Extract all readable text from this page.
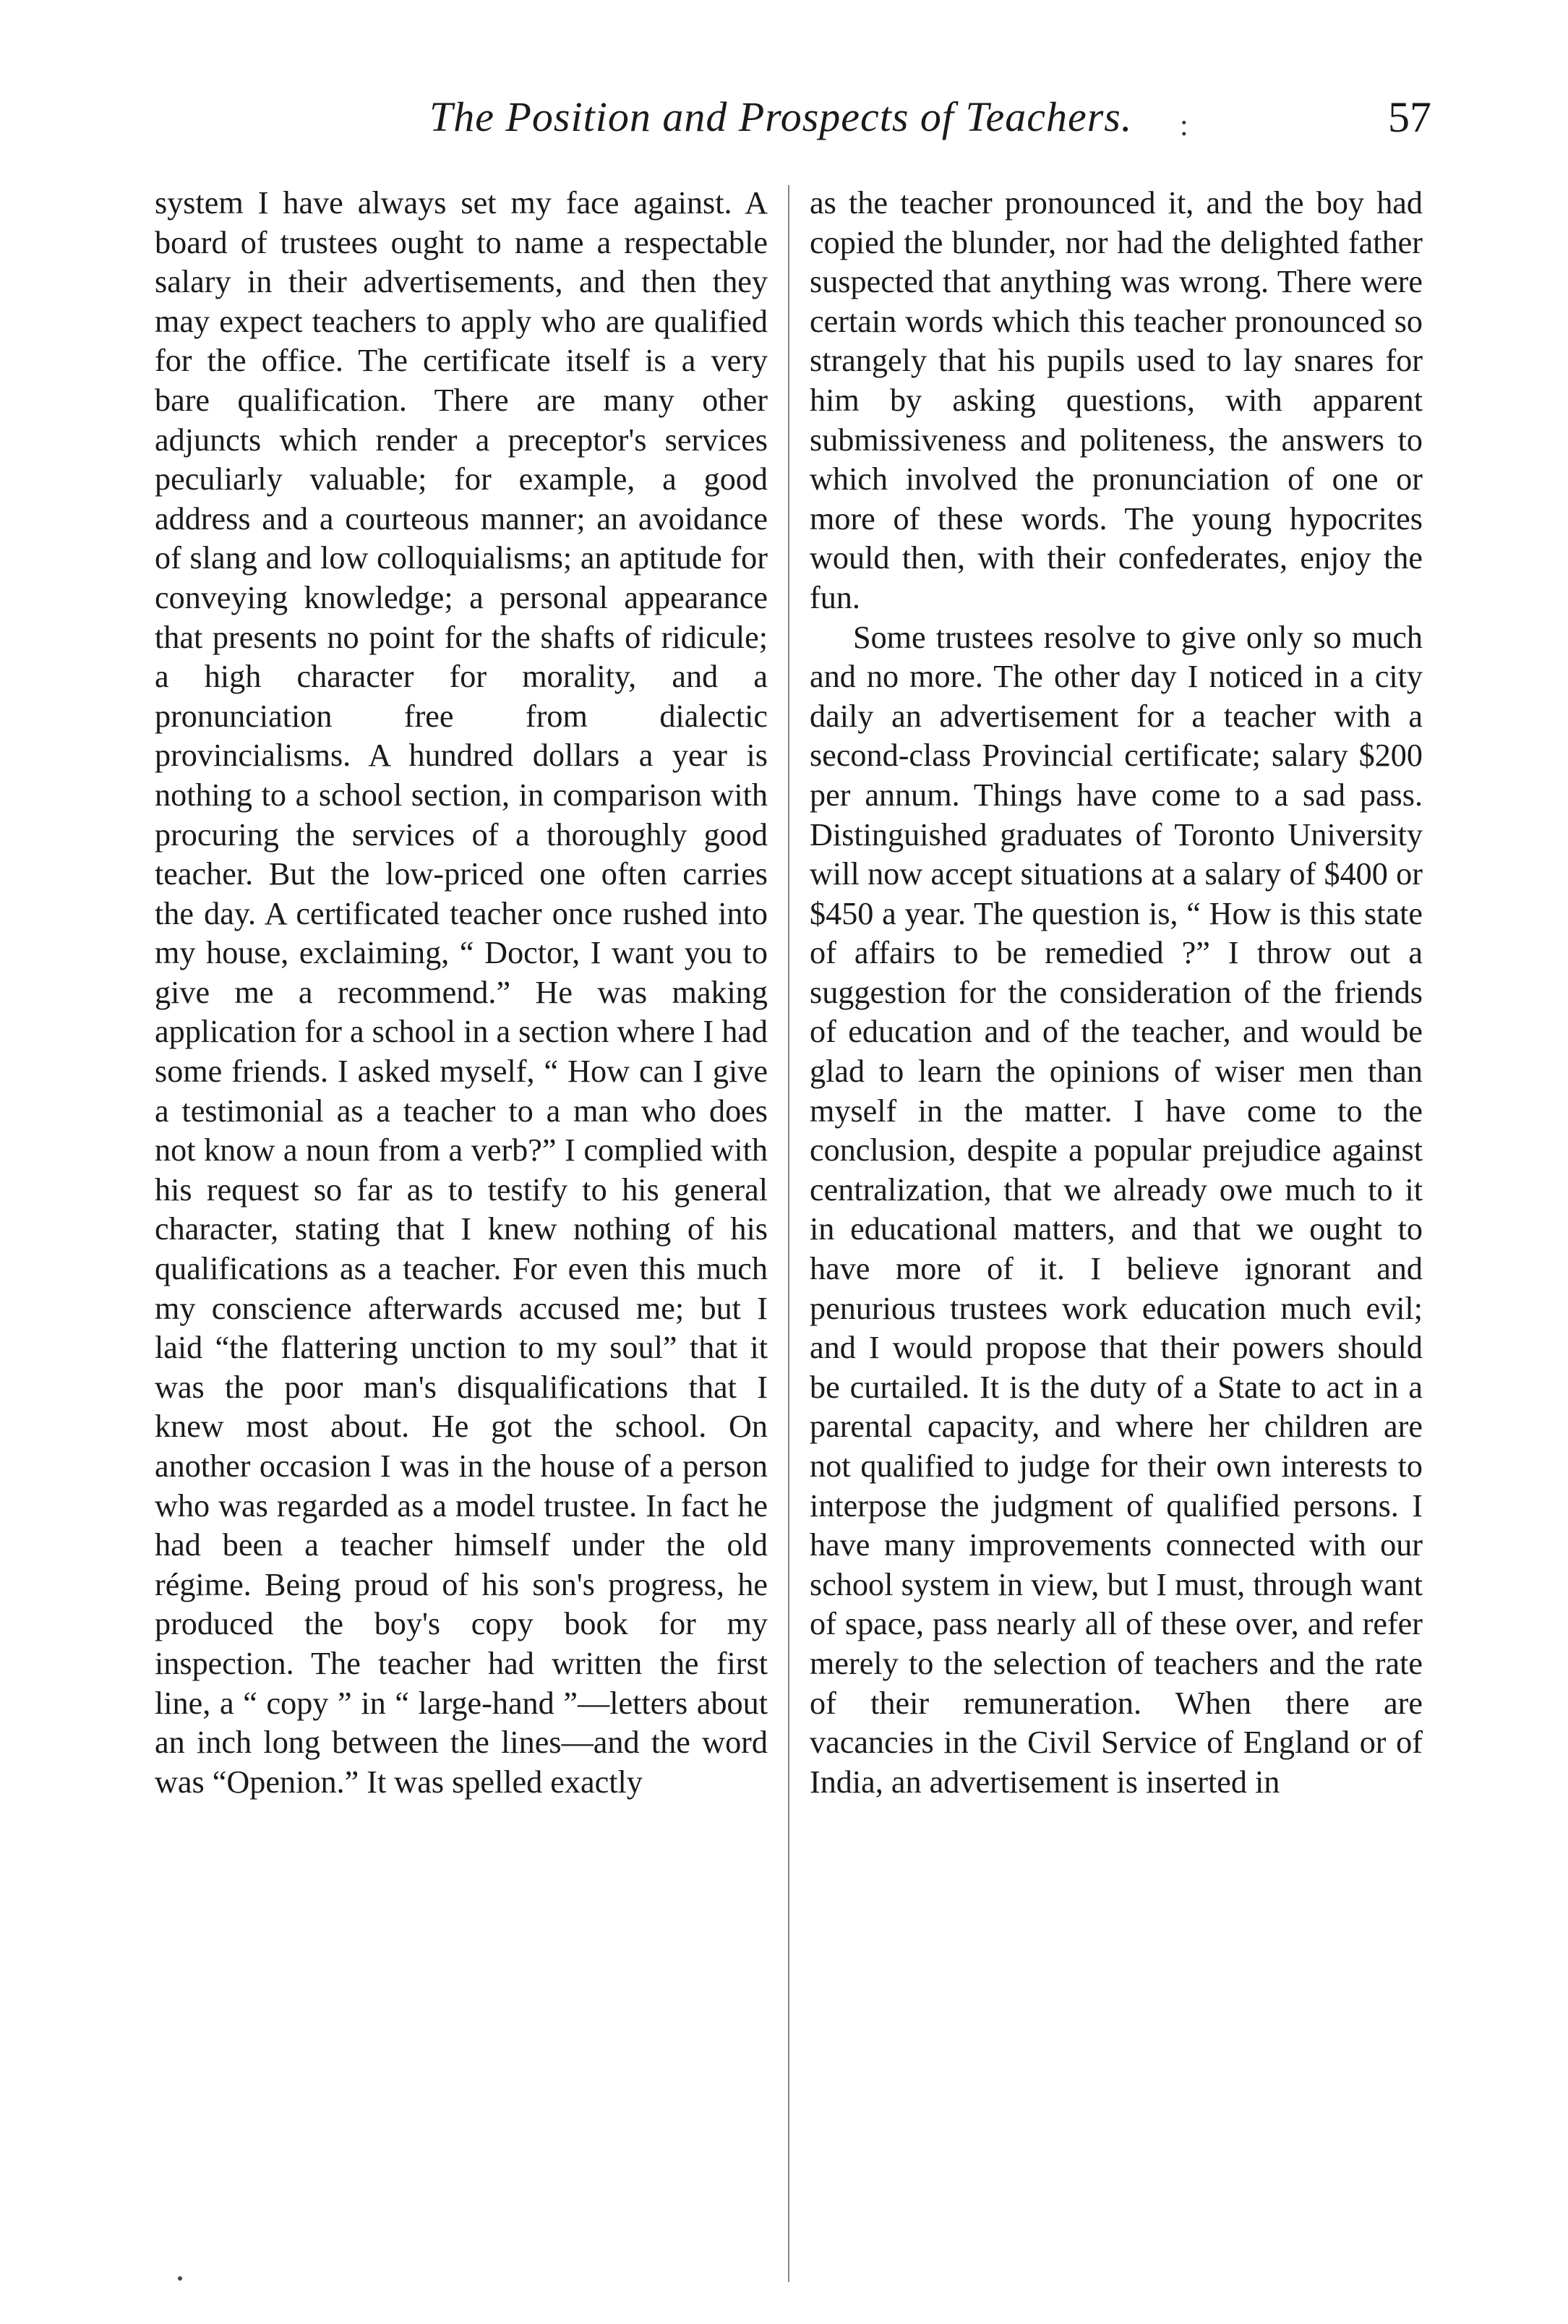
The Position and Prospects of Teachers.	57
:

system I have always set my face against. A board of trustees ought to name a respectable salary in their advertisements, and then they may expect teachers to apply who are qualified for the office. The certificate itself is a very bare qualification. There are many other adjuncts which render a preceptor's services peculiarly valuable; for example, a good address and a courteous manner; an avoidance of slang and low colloquialisms; an aptitude for conveying knowledge; a personal appearance that presents no point for the shafts of ridicule; a high character for morality, and a pronunciation free from dialectic provincialisms. A hundred dollars a year is nothing to a school section, in comparison with procuring the services of a thoroughly good teacher. But the low-priced one often carries the day. A certificated teacher once rushed into my house, exclaiming, “ Doctor, I want you to give me a recommend.” He was making application for a school in a section where I had some friends. I asked myself, “ How can I give a testimonial as a teacher to a man who does not know a noun from a verb?” I complied with his request so far as to testify to his general character, stating that I knew nothing of his qualifications as a teacher. For even this much my conscience afterwards accused me; but I laid “the flattering unction to my soul” that it was the poor man's disqualifications that I knew most about. He got the school. On another occasion I was in the house of a person who was regarded as a model trustee. In fact he had been a teacher himself under the old régime. Being proud of his son's progress, he produced the boy's copy book for my inspection. The teacher had written the first line, a “ copy ” in “ large-hand ”—letters about an inch long between the lines—and the word was “Openion.” It was spelled exactly

as the teacher pronounced it, and the boy had copied the blunder, nor had the delighted father suspected that anything was wrong. There were certain words which this teacher pronounced so strangely that his pupils used to lay snares for him by asking questions, with apparent submissiveness and politeness, the answers to which involved the pronunciation of one or more of these words. The young hypocrites would then, with their confederates, enjoy the fun.

Some trustees resolve to give only so much and no more. The other day I noticed in a city daily an advertisement for a teacher with a second-class Provincial certificate; salary $200 per annum. Things have come to a sad pass. Distinguished graduates of Toronto University will now accept situations at a salary of $400 or $450 a year. The question is, “ How is this state of affairs to be remedied ?” I throw out a suggestion for the consideration of the friends of education and of the teacher, and would be glad to learn the opinions of wiser men than myself in the matter. I have come to the conclusion, despite a popular prejudice against centralization, that we already owe much to it in educational matters, and that we ought to have more of it. I believe ignorant and penurious trustees work education much evil; and I would propose that their powers should be curtailed. It is the duty of a State to act in a parental capacity, and where her children are not qualified to judge for their own interests to interpose the judgment of qualified persons. I have many improvements connected with our school system in view, but I must, through want of space, pass nearly all of these over, and refer merely to the selection of teachers and the rate of their remuneration. When there are vacancies in the Civil Service of England or of India, an advertisement is inserted in
